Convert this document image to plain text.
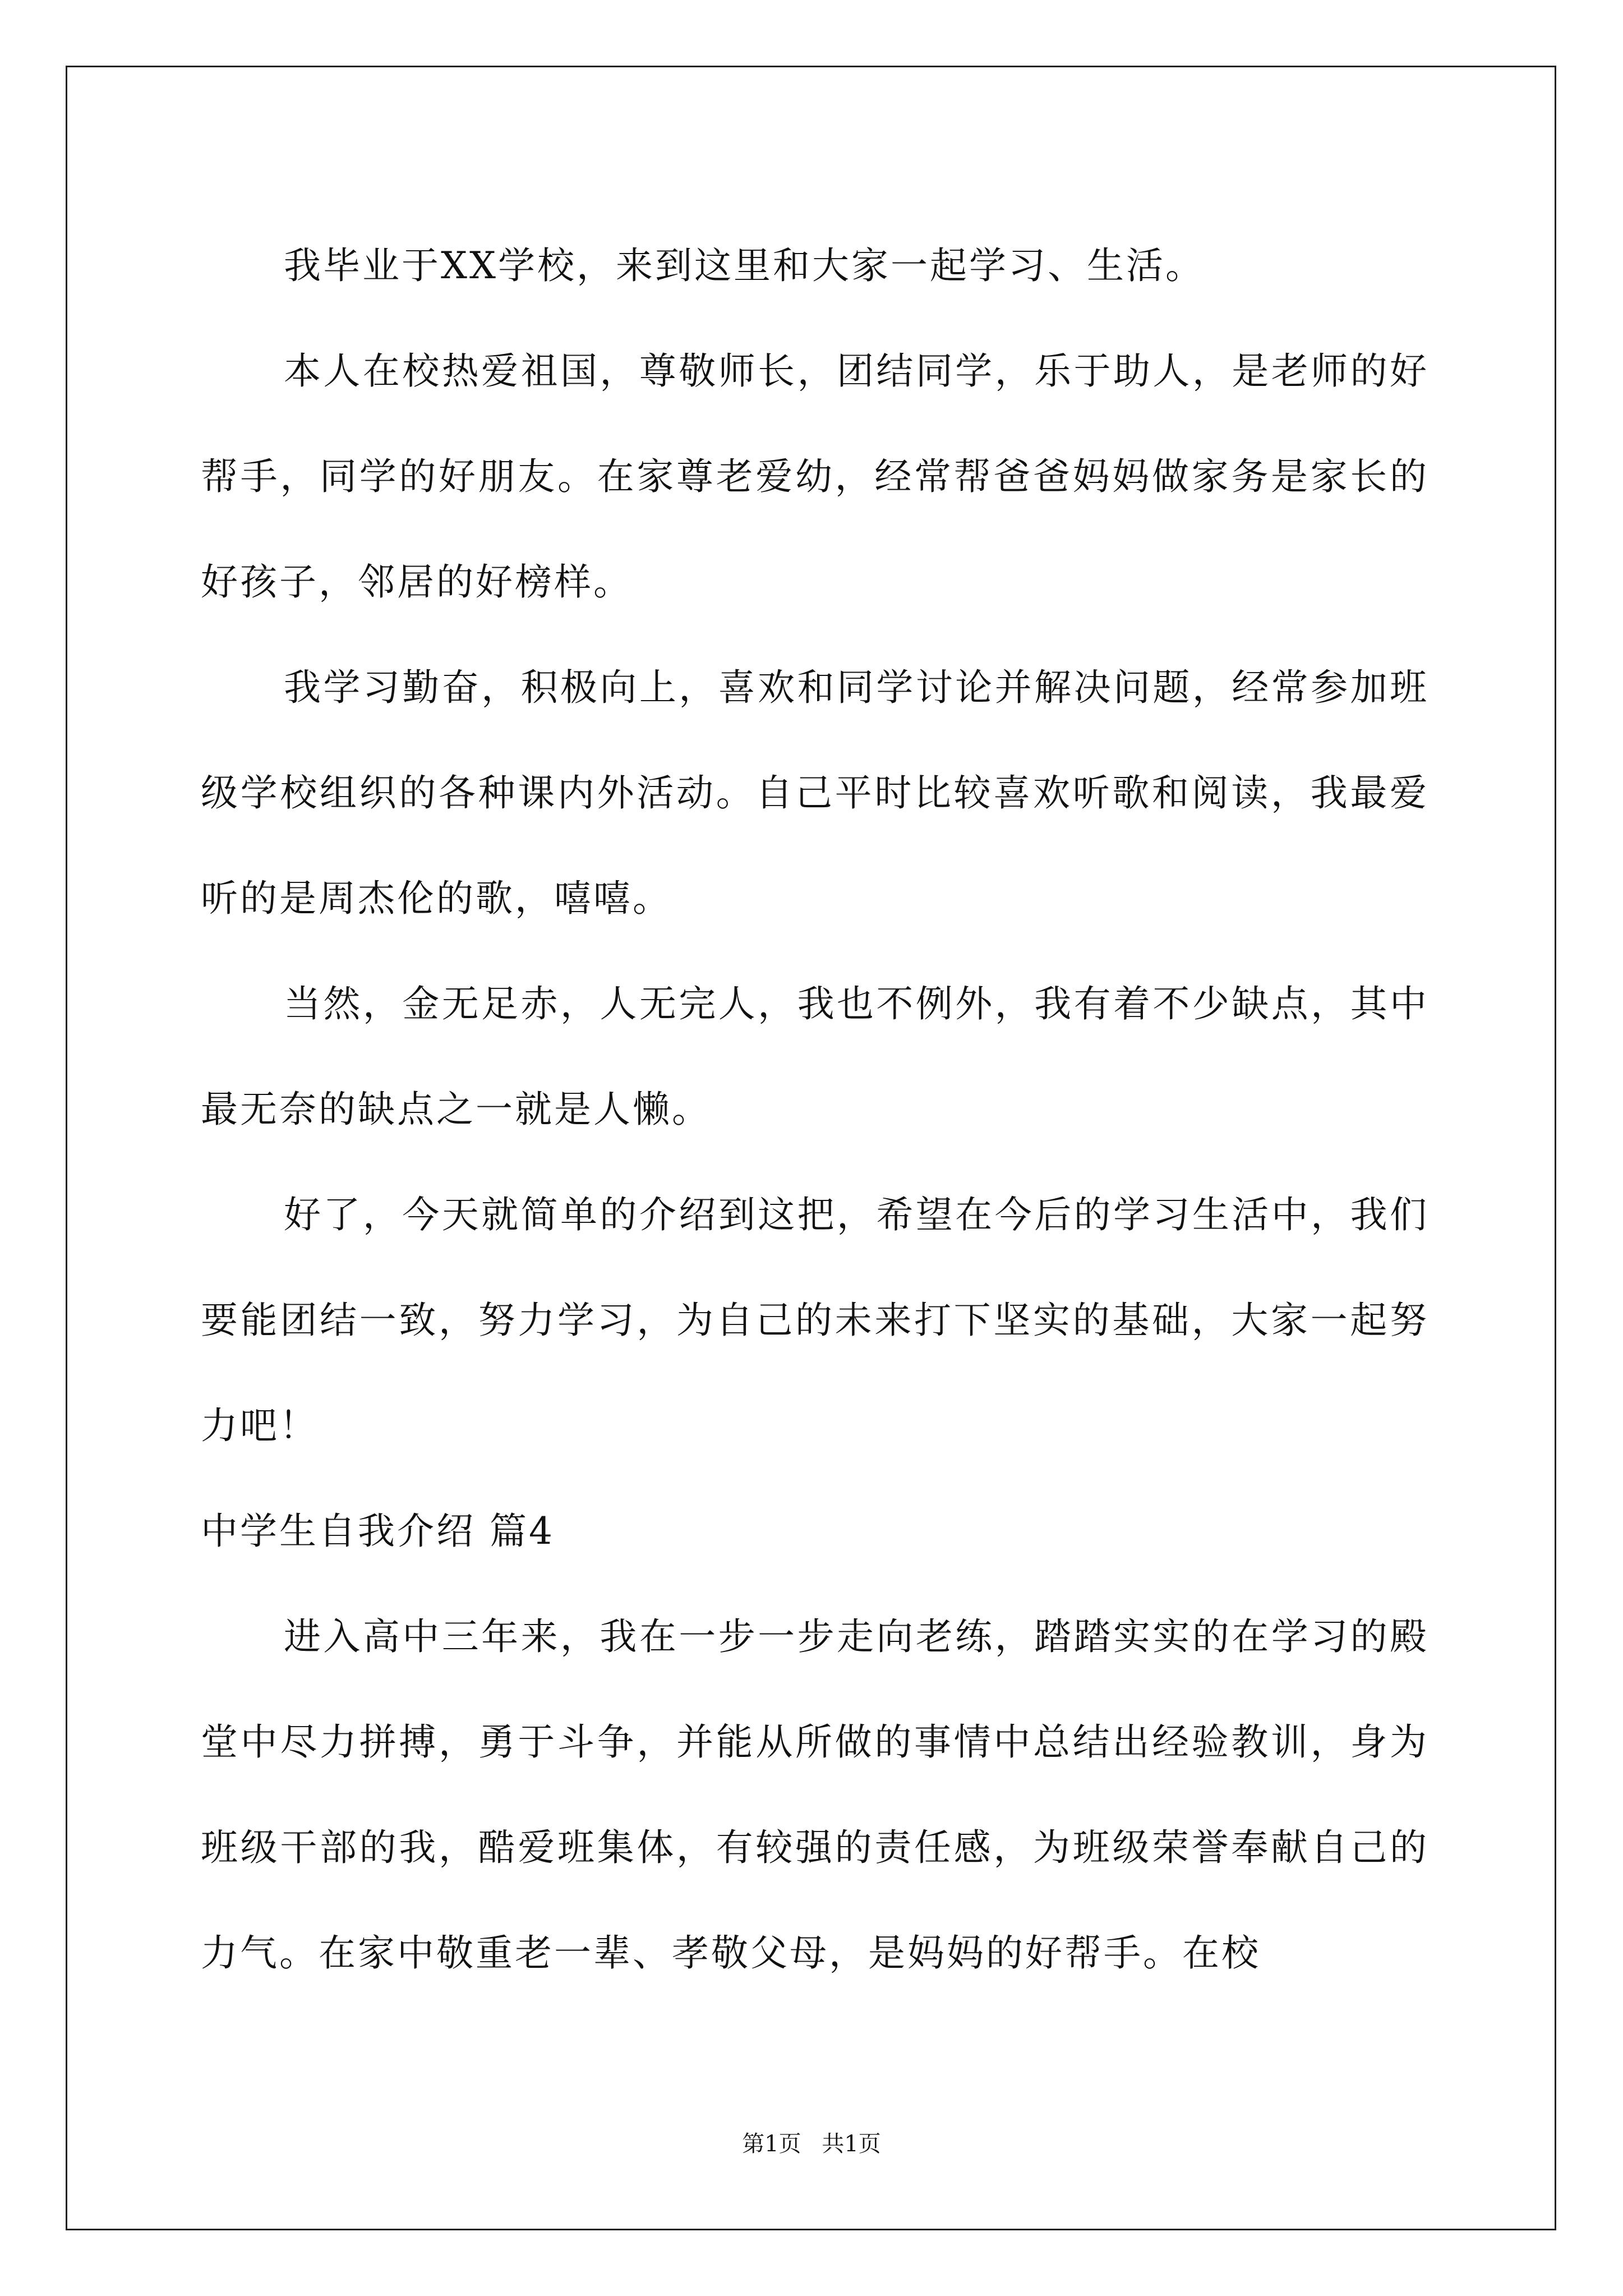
我毕业于XX学校，来到这里和大家一起学习、生活。

本人在校热爱祖国，尊敬师长，团结同学，乐于助人，是老师的好帮手，同学的好朋友。在家尊老爱幼，经常帮爸爸妈妈做家务是家长的好孩子，邻居的好榜样。

我学习勤奋，积极向上，喜欢和同学讨论并解决问题，经常参加班级学校组织的各种课内外活动。自己平时比较喜欢听歌和阅读，我最爱听的是周杰伦的歌，嘻嘻。

当然，金无足赤，人无完人，我也不例外，我有着不少缺点，其中最无奈的缺点之一就是人懒。

好了，今天就简单的介绍到这把，希望在今后的学习生活中，我们要能团结一致，努力学习，为自己的未来打下坚实的基础，大家一起努力吧！

中学生自我介绍 篇4

进入高中三年来，我在一步一步走向老练，踏踏实实的在学习的殿堂中尽力拼搏，勇于斗争，并能从所做的事情中总结出经验教训，身为班级干部的我，酷爱班集体，有较强的责任感，为班级荣誉奉献自己的力气。在家中敬重老一辈、孝敬父母，是妈妈的好帮手。在校

第1页 共1页
